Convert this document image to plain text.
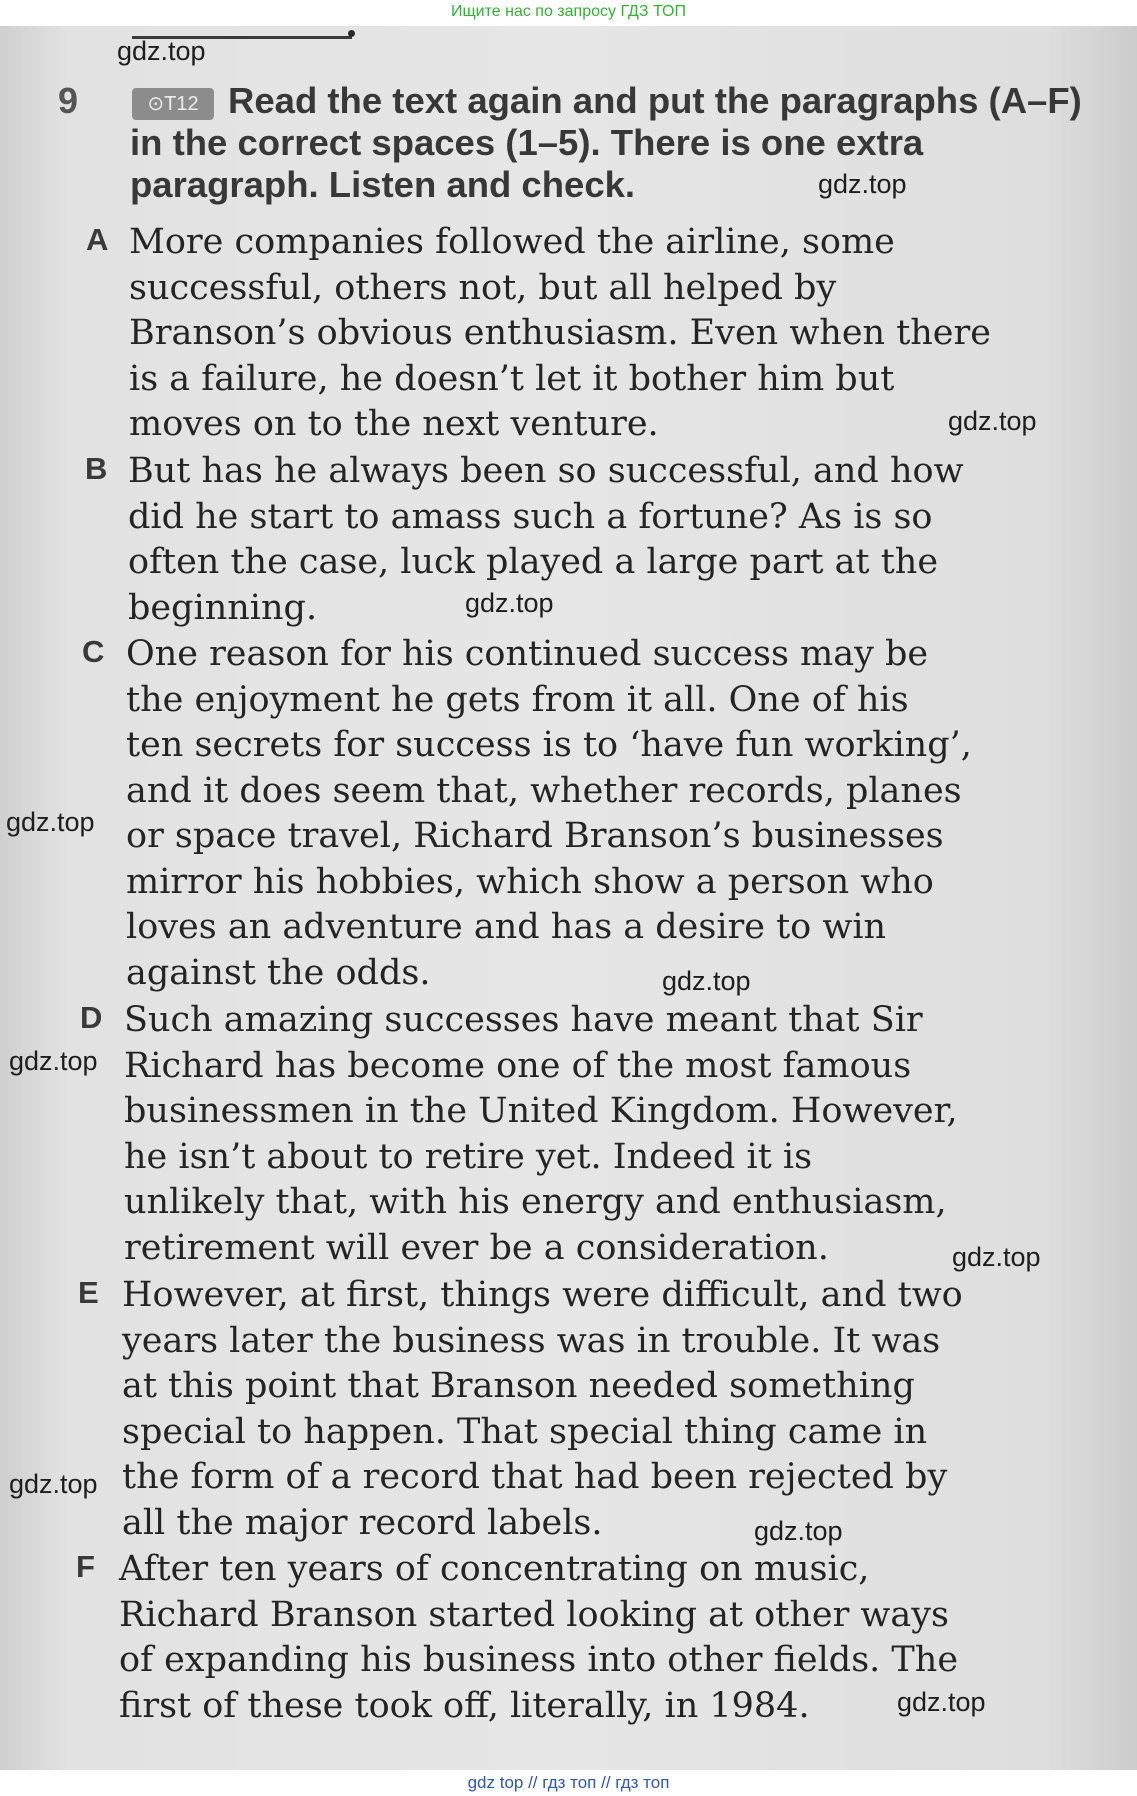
Ищите нас по запросу ГДЗ ТОП

9	⊙T12 Read the text again and put the paragraphs (A–F) in the correct spaces (1–5). There is one extra paragraph. Listen and check.
A More companies followed the airline, some
successful, others not, but all helped by
Branson’s obvious enthusiasm. Even when there
is a failure, he doesn’t let it bother him but
moves on to the next venture.
B But has he always been so successful, and how
did he start to amass such a fortune? As is so
often the case, luck played a large part at the
beginning.
C One reason for his continued success may be
the enjoyment he gets from it all. One of his
ten secrets for success is to ‘have fun working’,
and it does seem that, whether records, planes
or space travel, Richard Branson’s businesses
mirror his hobbies, which show a person who
loves an adventure and has a desire to win
against the odds.
D Such amazing successes have meant that Sir
Richard has become one of the most famous
businessmen in the United Kingdom. However,
he isn’t about to retire yet. Indeed it is
unlikely that, with his energy and enthusiasm,
retirement will ever be a consideration.
E However, at first, things were difficult, and two
years later the business was in trouble. It was
at this point that Branson needed something
special to happen. That special thing came in
the form of a record that had been rejected by
all the major record labels.
F After ten years of concentrating on music,
Richard Branson started looking at other ways
of expanding his business into other fields. The
first of these took off, literally, in 1984.
gdz.top
gdz.top
gdz.top
gdz.top
gdz.top
gdz.top
gdz.top
gdz.top
gdz.top
gdz.top
gdz.top
gdz top // гдз топ // гдз топ
